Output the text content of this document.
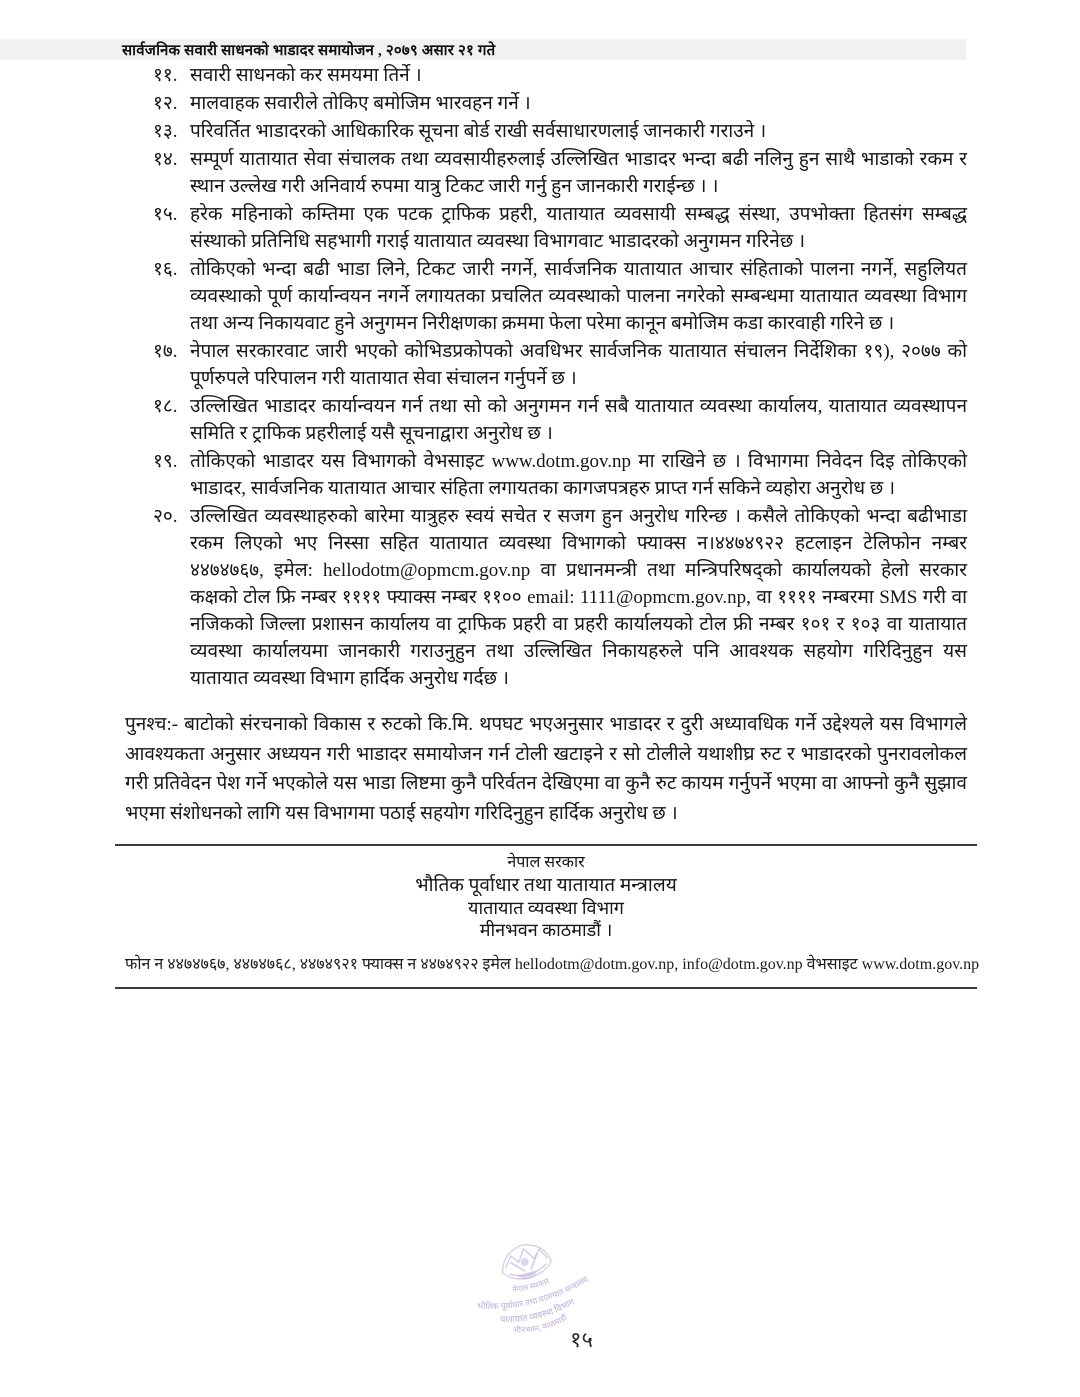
सार्वजनिक सवारी साधनको भाडादर समायोजन , २०७९ असार २१ गते
११. सवारी साधनको कर समयमा तिर्ने ।
१२. मालवाहक सवारीले तोकिए बमोजिम भारवहन गर्ने ।
१३. परिवर्तित भाडादरको आधिकारिक सूचना बोर्ड राखी सर्वसाधारणलाई जानकारी गराउने ।
१४. सम्पूर्ण यातायात सेवा संचालक तथा व्यवसायीहरुलाई उल्लिखित भाडादर भन्दा बढी नलिनु हुन साथै भाडाको रकम र स्थान उल्लेख गरी अनिवार्य रुपमा यात्रु टिकट जारी गर्नु हुन जानकारी गराईन्छ । ।
१५. हरेक महिनाको कम्तिमा एक पटक ट्राफिक प्रहरी, यातायात व्यवसायी सम्बद्ध संस्था, उपभोक्ता हितसंग सम्बद्ध संस्थाको प्रतिनिधि सहभागी गराई यातायात व्यवस्था विभागवाट भाडादरको अनुगमन गरिनेछ ।
१६. तोकिएको भन्दा बढी भाडा लिने, टिकट जारी नगर्ने, सार्वजनिक यातायात आचार संहिताको पालना नगर्ने, सहुलियत व्यवस्थाको पूर्ण कार्यान्वयन नगर्ने लगायतका प्रचलित व्यवस्थाको पालना नगरेको सम्बन्धमा यातायात व्यवस्था विभाग तथा अन्य निकायवाट हुने अनुगमन निरीक्षणका क्रममा फेला परेमा कानून बमोजिम कडा कारवाही गरिने छ ।
१७. नेपाल सरकारवाट जारी भएको कोभिडप्रकोपको अवधिभर सार्वजनिक यातायात संचालन निर्देशिका १९), २०७७ को पूर्णरुपले परिपालन गरी यातायात सेवा संचालन गर्नुपर्ने छ ।
१८. उल्लिखित भाडादर कार्यान्वयन गर्न तथा सो को अनुगमन गर्न सबै यातायात व्यवस्था कार्यालय, यातायात व्यवस्थापन समिति र ट्राफिक प्रहरीलाई यसै सूचनाद्वारा अनुरोध छ ।
१९. तोकिएको भाडादर यस विभागको वेभसाइट www.dotm.gov.np मा राखिने छ । विभागमा निवेदन दिइ तोकिएको भाडादर, सार्वजनिक यातायात आचार संहिता लगायतका कागजपत्रहरु प्राप्त गर्न सकिने व्यहोरा अनुरोध छ ।
२०. उल्लिखित व्यवस्थाहरुको बारेमा यात्रुहरु स्वयं सचेत र सजग हुन अनुरोध गरिन्छ । कसैले तोकिएको भन्दा बढीभाडा रकम लिएको भए निस्सा सहित यातायात व्यवस्था विभागको फ्याक्स न।४४७४९२२ हटलाइन टेलिफोन नम्बर ४४७४७६७, इमेल: hellodotm@opmcm.gov.np वा प्रधानमन्त्री तथा मन्त्रिपरिषद्को कार्यालयको हेलो सरकार कक्षको टोल फ्रि नम्बर ११११ फ्याक्स नम्बर ११०० email: 1111@opmcm.gov.np, वा ११११ नम्बरमा SMS गरी वा नजिकको जिल्ला प्रशासन कार्यालय वा ट्राफिक प्रहरी वा प्रहरी कार्यालयको टोल फ्री नम्बर १०१ र १०३ वा यातायात व्यवस्था कार्यालयमा जानकारी गराउनुहुन तथा उल्लिखित निकायहरुले पनि आवश्यक सहयोग गरिदिनुहुन यस यातायात व्यवस्था विभाग हार्दिक अनुरोध गर्दछ ।

पुनश्च:- बाटोको संरचनाको विकास र रुटको कि.मि. थपघट भएअनुसार भाडादर र दुरी अध्यावधिक गर्ने उद्देश्यले यस विभागले आवश्यकता अनुसार अध्ययन गरी भाडादर समायोजन गर्न टोली खटाइने र सो टोलीले यथाशीघ्र रुट र भाडादरको पुनरावलोकल गरी प्रतिवेदन पेश गर्ने भएकोले यस भाडा लिष्टमा कुनै परिर्वतन देखिएमा वा कुनै रुट कायम गर्नुपर्ने भएमा वा आफ्नो कुनै सुझाव भएमा संशोधनको लागि यस विभागमा पठाई सहयोग गरिदिनुहुन हार्दिक अनुरोध छ ।

नेपाल सरकार
भौतिक पूर्वाधार तथा यातायात मन्त्रालय
यातायात व्यवस्था विभाग
मीनभवन काठमाडौं ।
फोन न ४४७४७६७, ४४७४७६८, ४४७४९२१ फ्याक्स न ४४७४९२२ इमेल hellodotm@dotm.gov.np, info@dotm.gov.np वेभसाइट www.dotm.gov.np
नेपाल सरकार
भौतिक पूर्वाधार तथा यातायात मन्त्रालय
यातायात व्यवस्था विभाग
मीनभवन, काठमाडौं
१५
